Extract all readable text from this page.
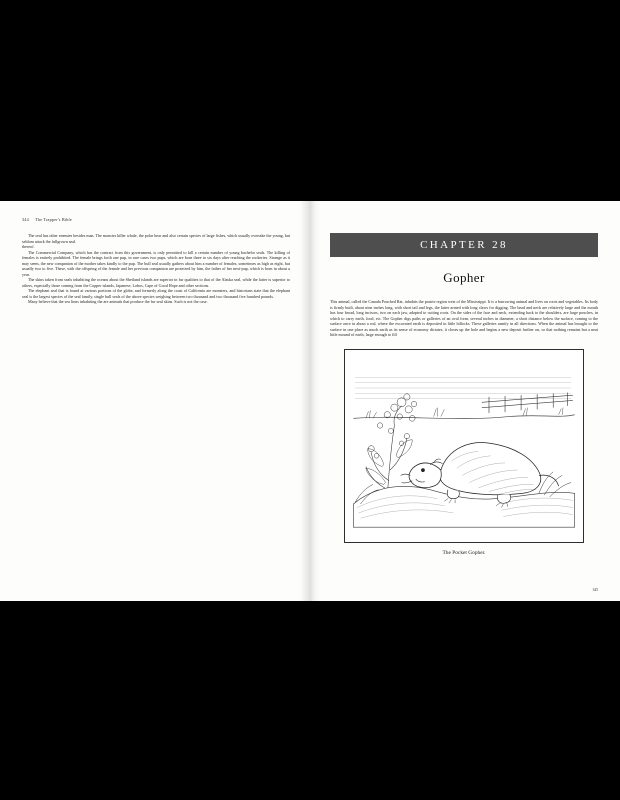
344 The Trapper's Bible

The seal has other enemies besides man. The monster killer whale, the polar bear and also certain species of large fishes, which usually overtake the young, but seldom attack the fullgrown seal.

thereof.

The Commercial Company, which has the contract from this government, is only permitted to kill a certain number of young bachelor seals. The killing of females is entirely prohibited. The female brings forth one pup, in rare cases two pups, which are born three to six days after reaching the rookeries. Strange as it may seem, the new companion of the mother takes kindly to the pup. The bull seal usually gathers about him a number of females, sometimes as high as eight, but usually two to five. These, with the offspring of the female and her previous companion are protected by him, the father of her next-pup, which is born in about a year.

The skins taken from seals inhabiting the oceans about the Shetland islands are superior in fur qualities to that of the Alaska seal, while the latter is superior to others, especially those coming from the Copper islands, Japanese, Lobos, Cape of Good Hope and other sections.

The elephant seal that is found at various portions of the globe, and formerly along the coast of California are monsters, and historians state that the elephant seal is the largest species of the seal family, single bull seals of the above species weighing between two thousand and two thousand five hundred pounds.

Many believe that the sea lions inhabiting the are animals that produce the fur seal skins. Such is not the case.

CHAPTER 28
Gopher

This animal, called the Canada Pouched Rat, inhabits the prairie region west of the Mississippi. It is a burrowing animal and lives on roots and vegetables. Its body is firmly built, about nine inches long, with short tail and legs, the latter armed with long claws for digging. The head and neck are relatively large and the mouth has four broad, long incisors, two on each jaw, adapted to cutting roots. On the sides of the face and neck, extending back to the shoulders, are large pouches, in which to carry earth, food, etc. The Gopher digs paths or galleries of an oval form, several inches in diameter, a short distance below the surface, coming to the surface once in about a rod, where the excavated earth is deposited in little hillocks. These galleries ramify in all directions. When the animal has brought to the surface in one place as much earth as its sense of economy dictates, it closes up the hole and begins a new deposit further on, so that nothing remains but a neat little mound of earth, large enough to fill

The Pocket Gopher.
345
